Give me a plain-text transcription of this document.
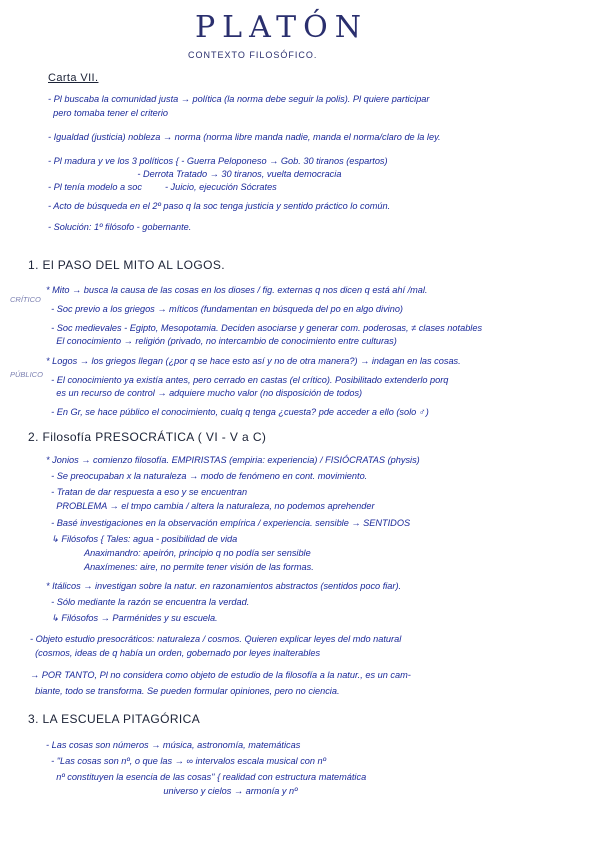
PLATÓN
CONTEXTO FILOSÓFICO.
Carta VII.
- Pl buscaba la comunidad justa → política (la norma debe seguir la polis). Pl quiere participar
pero tomaba tener el criterio
- Igualdad (justicia) nobleza → norma (norma libre manda nadie, manda el norma/claro de la ley.
- Pl madura y ve los 3 políticos { - Guerra Peloponeso → Gob. 30 tiranos (espartos)
- Derrota Tratado → 30 tiranos, vuelta democracia
- Pl tenía modelo a soc         - Juicio, ejecución Sócrates
- Acto de búsqueda en el 2º paso q la soc tenga justicia y sentido práctico lo común.
- Solución: 1º filósofo - gobernante.
1. El PASO DEL MITO AL LOGOS.
CRÍTICO
PÚBLICO
* Mito → busca la causa de las cosas en los dioses / fig. externas q nos dicen q está ahí /mal.
- Soc previo a los griegos → míticos (fundamentan en búsqueda del po en algo divino)
- Soc medievales - Egipto, Mesopotamia. Deciden asociarse y generar com. poderosas, ≠ clases notables
El conocimiento → religión (privado, no intercambio de conocimiento entre culturas)
* Logos → los griegos llegan (¿por q se hace esto así y no de otra manera?) → indagan en las cosas.
- El conocimiento ya existía antes, pero cerrado en castas (el crítico). Posibilitado extenderlo porq
es un recurso de control → adquiere mucho valor (no disposición de todos)
- En Gr, se hace público el conocimiento, cualq q tenga ¿cuesta? pde acceder a ello (solo ♂)
2. Filosofía PRESOCRÁTICA ( VI - V a C)
* Jonios → comienzo filosofía. EMPIRISTAS (empiria: experiencia) / FISIÓCRATAS (physis)
- Se preocupaban x la naturaleza → modo de fenómeno en cont. movimiento.
- Tratan de dar respuesta a eso y se encuentran
PROBLEMA → el tmpo cambia / altera la naturaleza, no podemos aprehender
- Basé investigaciones en la observación empírica / experiencia. sensible → SENTIDOS
↳ Filósofos { Tales: agua - posibilidad de vida
Anaximandro: apeirón, principio q no podía ser sensible
Anaxímenes: aire, no permite tener visión de las formas.
* Itálicos → investigan sobre la natur. en razonamientos abstractos (sentidos poco fiar).
- Sólo mediante la razón se encuentra la verdad.
↳ Filósofos → Parménides y su escuela.
- Objeto estudio presocráticos: naturaleza / cosmos. Quieren explicar leyes del mdo natural
(cosmos, ideas de q había un orden, gobernado por leyes inalterables
→ POR TANTO, Pl no considera como objeto de estudio de la filosofía a la natur., es un cam-
biante, todo se transforma. Se pueden formular opiniones, pero no ciencia.
3. LA ESCUELA PITAGÓRICA
- Las cosas son números → música, astronomía, matemáticas
- "Las cosas son nº, o que las → ∞ intervalos escala musical con nº
nº constituyen la esencia de las cosas" { realidad con estructura matemática
universo y cielos → armonía y nº
